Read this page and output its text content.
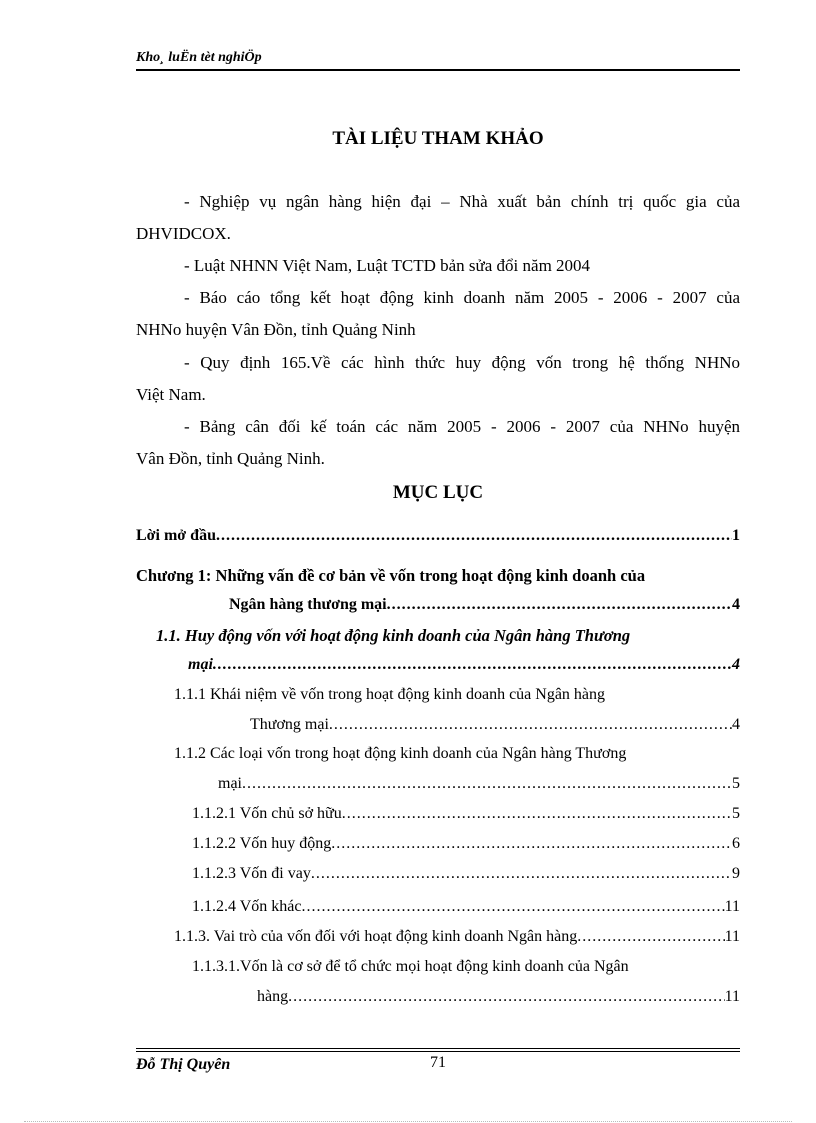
Kho¸ luËn tèt nghiÖp
TÀI LIỆU THAM KHẢO
- Nghiệp vụ ngân hàng hiện đại – Nhà xuất bản chính trị quốc gia của
DHVIDCOX.
- Luật NHNN Việt Nam, Luật TCTD bản sửa đổi năm 2004
- Báo cáo tổng kết hoạt động kinh doanh năm 2005 - 2006 - 2007 của
NHNo huyện Vân Đồn, tỉnh Quảng Ninh
- Quy định 165.Về các hình thức huy động vốn trong hệ thống NHNo
Việt Nam.
- Bảng cân đối kế toán các năm 2005 - 2006 - 2007 của NHNo huyện
Vân Đồn, tỉnh Quảng Ninh.
MỤC LỤC
Lời mở đầu .....	1
Chương 1: Những vấn đề cơ bản về vốn trong hoạt động kinh doanh của
Ngân hàng thương mại .....	4
1.1. Huy động vốn với hoạt động kinh doanh của Ngân hàng Thương
mại .....	4
1.1.1 Khái niệm về vốn trong hoạt động kinh doanh của Ngân hàng
Thương mại .....	4
1.1.2 Các loại vốn trong hoạt động kinh doanh của Ngân hàng Thương
mại .....	5
1.1.2.1 Vốn chủ sở hữu .....	5
1.1.2.2 Vốn huy động .....	6
1.1.2.3 Vốn đi vay .....	9
1.1.2.4 Vốn khác .....	11
1.1.3. Vai trò của vốn đối với hoạt động kinh doanh Ngân hàng .....	11
1.1.3.1.Vốn là cơ sở để tổ chức mọi hoạt động kinh doanh của Ngân
hàng .....	11
Đỗ Thị Quyên	71
